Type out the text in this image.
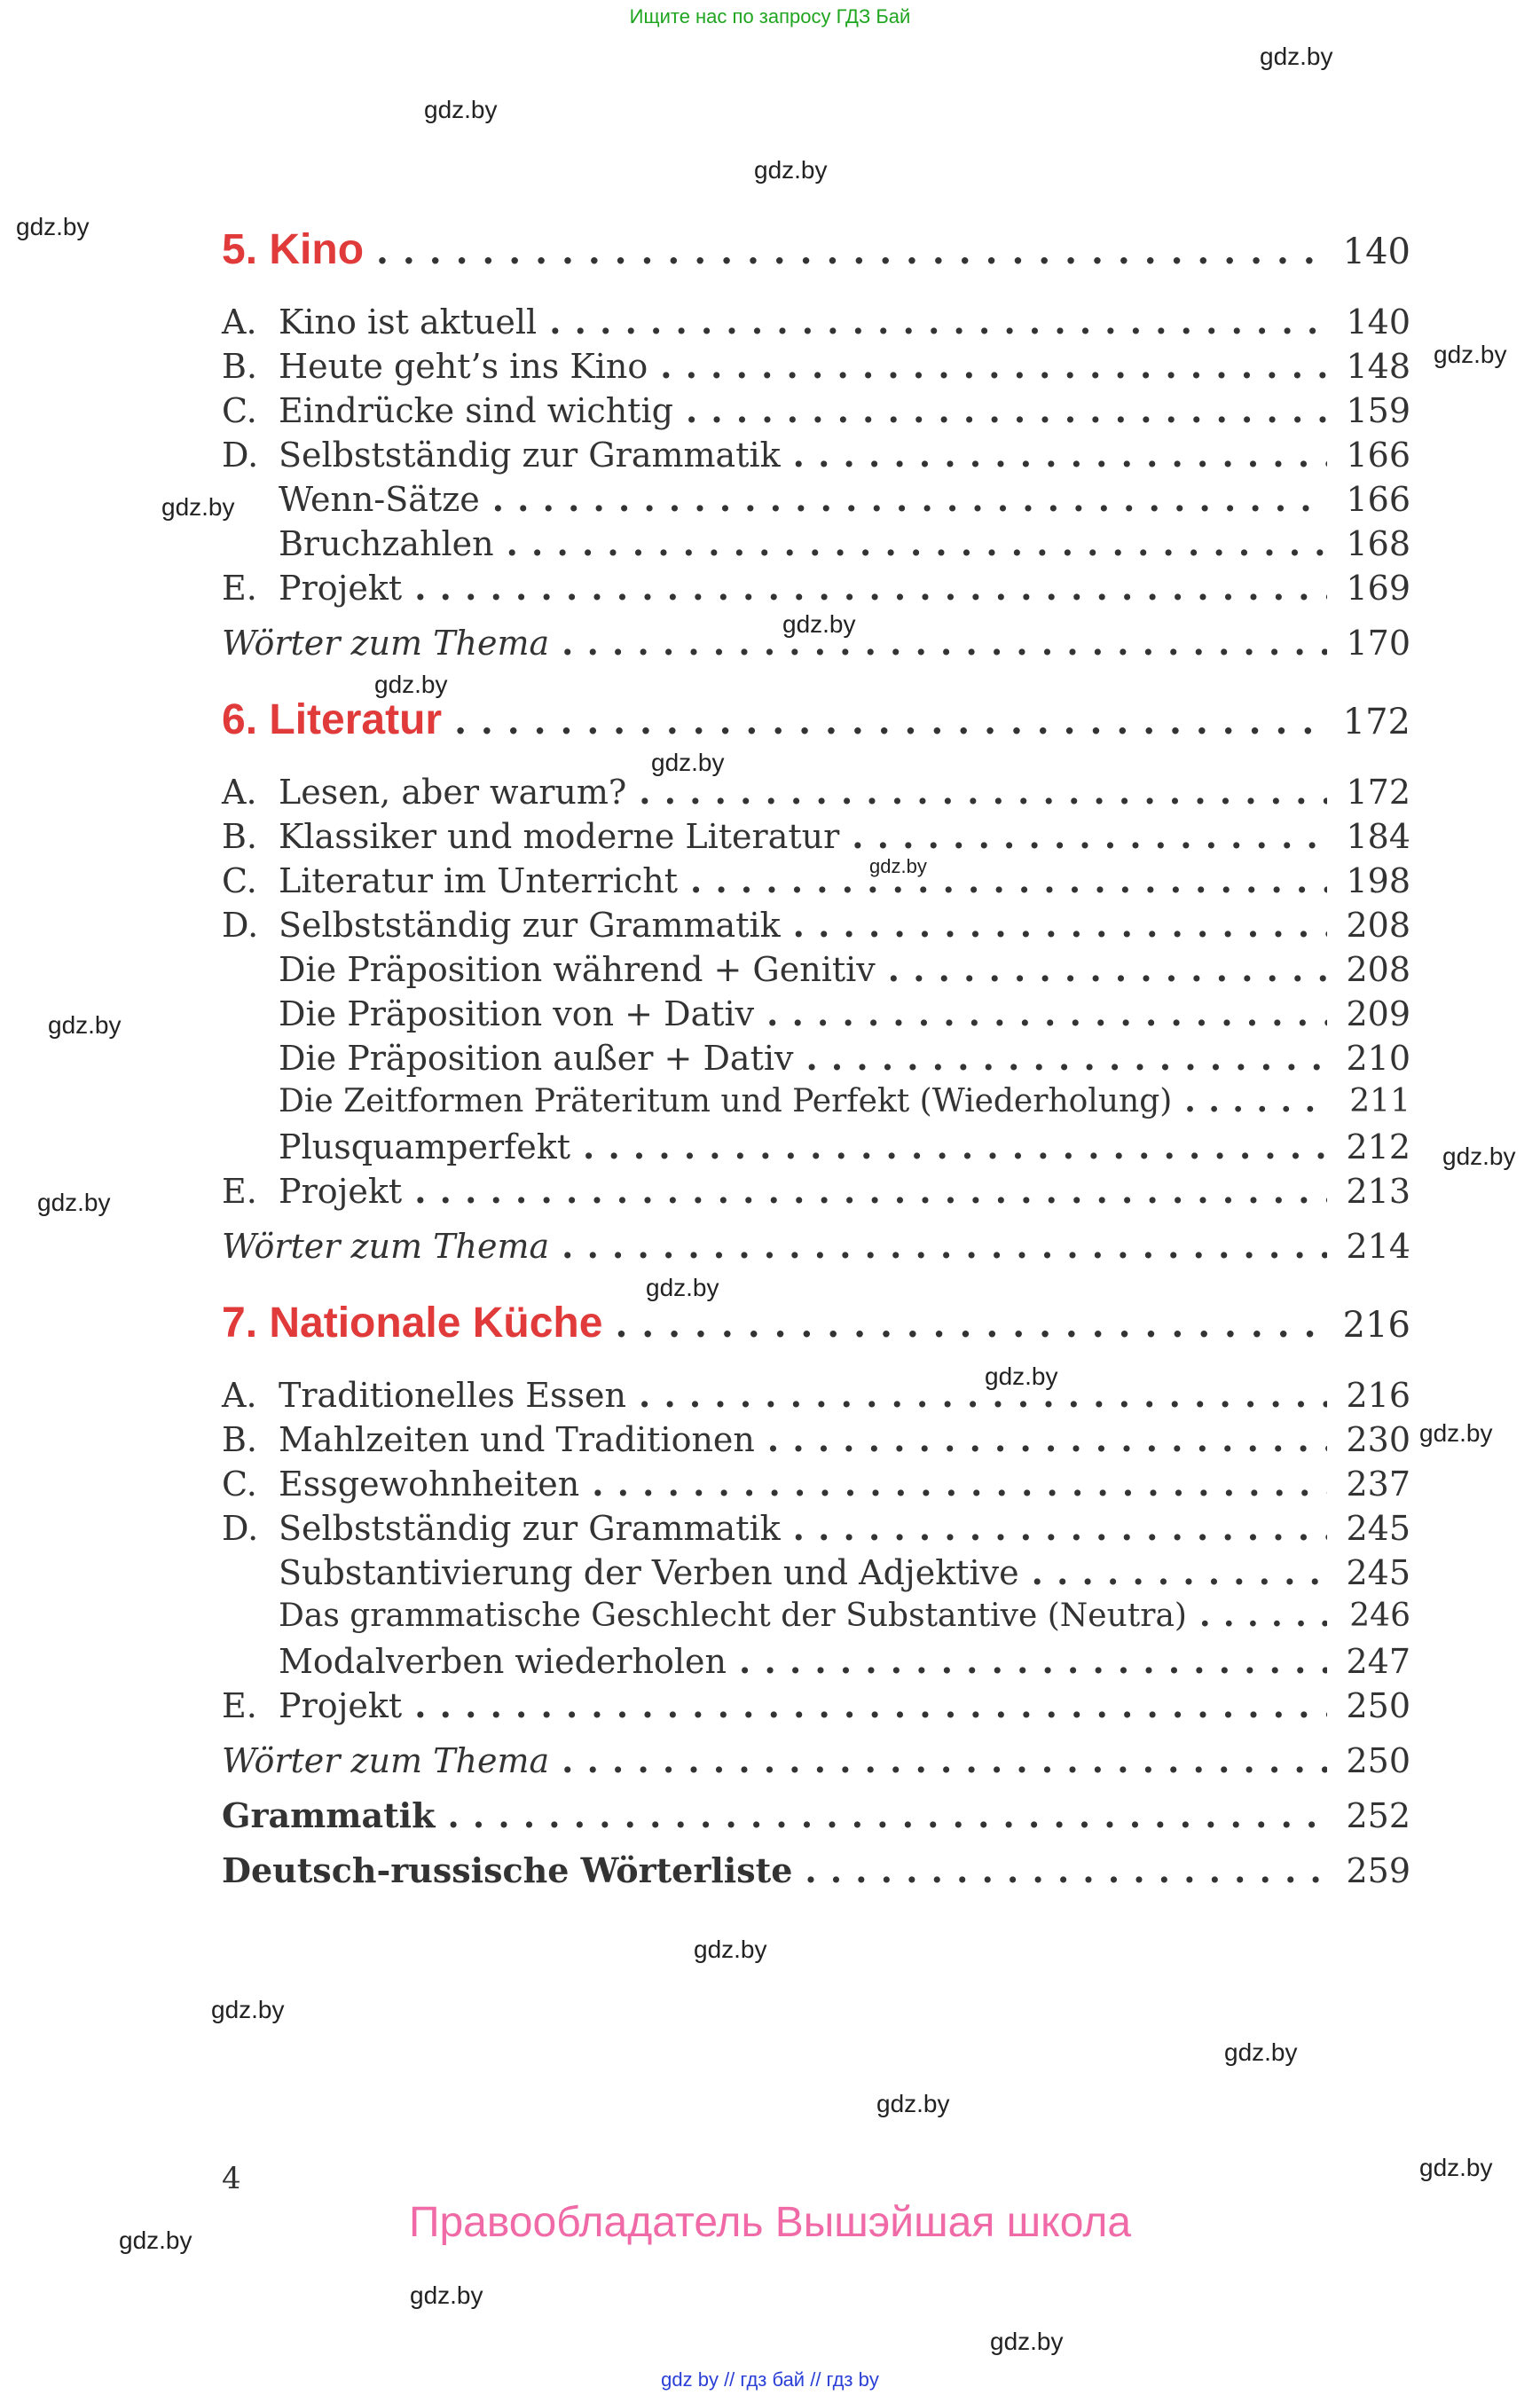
Ищите нас по запросу ГДЗ Бай
gdz.by
gdz.by
gdz.by
gdz.by
gdz.by
gdz.by
gdz.by
gdz.by
gdz.by
gdz.by
gdz.by
gdz.by
gdz.by
gdz.by
gdz.by
gdz.by
gdz.by
gdz.by
gdz.by
gdz.by
gdz.by
gdz.by
gdz.by
gdz.by
5. Kino . . .	140
A. Kino ist aktuell . . .	140
B. Heute geht’s ins Kino . . .	148
C. Eindrücke sind wichtig . . .	159
D. Selbstständig zur Grammatik . . .	166
Wenn-Sätze . . .	166
Bruchzahlen . . .	168
E. Projekt . . .	169
Wörter zum Thema . . .	170
6. Literatur . . .	172
A. Lesen, aber warum? . . .	172
B. Klassiker und moderne Literatur . . .	184
C. Literatur im Unterricht . . .	198
D. Selbstständig zur Grammatik . . .	208
Die Präposition während + Genitiv . . .	208
Die Präposition von + Dativ . . .	209
Die Präposition außer + Dativ . . .	210
Die Zeitformen Präteritum und Perfekt (Wiederholung) . . .	211
Plusquamperfekt . . .	212
E. Projekt . . .	213
Wörter zum Thema . . .	214
7. Nationale Küche . . .	216
A. Traditionelles Essen . . .	216
B. Mahlzeiten und Traditionen . . .	230
C. Essgewohnheiten . . .	237
D. Selbstständig zur Grammatik . . .	245
Substantivierung der Verben und Adjektive . . .	245
Das grammatische Geschlecht der Substantive (Neutra) . . .	246
Modalverben wiederholen . . .	247
E. Projekt . . .	250
Wörter zum Thema . . .	250
Grammatik . . .	252
Deutsch-russische Wörterliste . . .	259
4
Правообладатель Вышэйшая школа
gdz by // гдз бай // гдз by
